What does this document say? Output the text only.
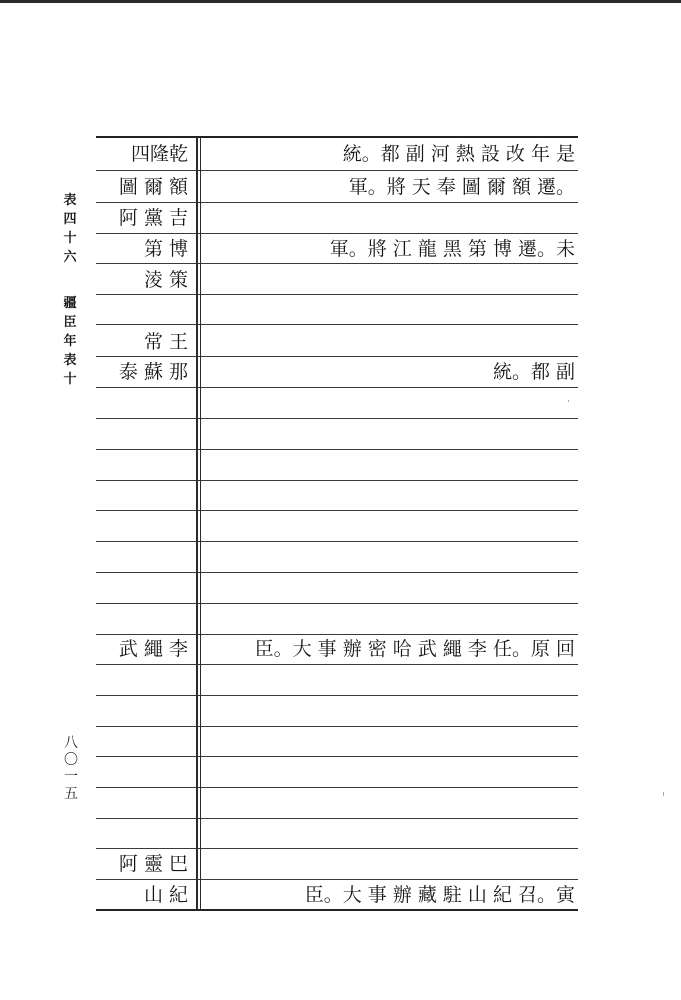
表
四
十
六
疆
臣
年
表
十
八
〇
一
五
四隆乾
圖 爾 額
阿 黨 吉
第 博
淩 策
常 王
泰 蘇 那
武 繩 李
阿 靈 巴
山 紀
統。都 副 河 熱 設 改 年 是
軍。將 天 奉 圖 爾 額 遷。
軍。將 江 龍 黑 第 博 遷。未
統。都 副
臣。大 事 辦 密 哈 武 繩 李 任。原 回
臣。大 事 辦 藏 駐 山 紀 召。寅
